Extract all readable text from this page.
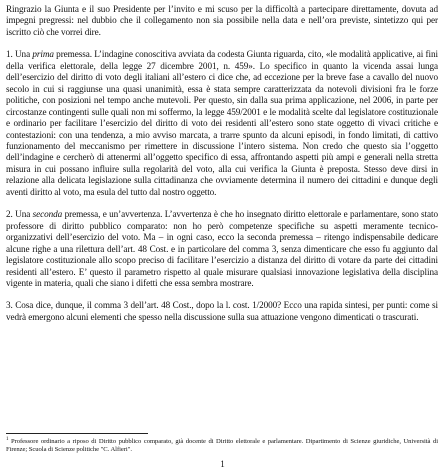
Ringrazio la Giunta e il suo Presidente per l’invito e mi scuso per la difficoltà a partecipare direttamente, dovuta ad impegni pregressi: nel dubbio che il collegamento non sia possibile nella data e nell’ora previste, sintetizzo qui per iscritto ciò che vorrei dire.

1. Una prima premessa. L’indagine conoscitiva avviata da codesta Giunta riguarda, cito, «le modalità applicative, ai fini della verifica elettorale, della legge 27 dicembre 2001, n. 459». Lo specifico in quanto la vicenda assai lunga dell’esercizio del diritto di voto degli italiani all’estero ci dice che, ad eccezione per la breve fase a cavallo del nuovo secolo in cui si raggiunse una quasi unanimità, essa è stata sempre caratterizzata da notevoli divisioni fra le forze politiche, con posizioni nel tempo anche mutevoli. Per questo, sin dalla sua prima applicazione, nel 2006, in parte per circostanze contingenti sulle quali non mi soffermo, la legge 459/2001 e le modalità scelte dal legislatore costituzionale e ordinario per facilitare l’esercizio del diritto di voto dei residenti all’estero sono state oggetto di vivaci critiche e contestazioni: con una tendenza, a mio avviso marcata, a trarre spunto da alcuni episodi, in fondo limitati, di cattivo funzionamento del meccanismo per rimettere in discussione l’intero sistema. Non credo che questo sia l’oggetto dell’indagine e cercherò di attenermi all’oggetto specifico di essa, affrontando aspetti più ampi e generali nella stretta misura in cui possano influire sulla regolarità del voto, alla cui verifica la Giunta è preposta. Stesso deve dirsi in relazione alla delicata legislazione sulla cittadinanza che ovviamente determina il numero dei cittadini e dunque degli aventi diritto al voto, ma esula del tutto dal nostro oggetto.

2. Una seconda premessa, e un’avvertenza. L’avvertenza è che ho insegnato diritto elettorale e parlamentare, sono stato professore di diritto pubblico comparato: non ho però competenze specifiche su aspetti meramente tecnico-organizzativi dell’esercizio del voto. Ma – in ogni caso, ecco la seconda premessa – ritengo indispensabile dedicare alcune righe a una rilettura dell’art. 48 Cost. e in particolare del comma 3, senza dimenticare che esso fu aggiunto dal legislatore costituzionale allo scopo preciso di facilitare l’esercizio a distanza del diritto di votare da parte dei cittadini residenti all’estero. E’ questo il parametro rispetto al quale misurare qualsiasi innovazione legislativa della disciplina vigente in materia, quali che siano i difetti che essa sembra mostrare.

3. Cosa dice, dunque, il comma 3 dell’art. 48 Cost., dopo la l. cost. 1/2000? Ecco una rapida sintesi, per punti: come si vedrà emergono alcuni elementi che spesso nella discussione sulla sua attuazione vengono dimenticati o trascurati.

$^1$ Professore ordinario a riposo di Diritto pubblico comparato, già docente di Diritto elettorale e parlamentare. Dipartimento di Scienze giuridiche, Università di Firenze; Scuola di Scienze politiche "C. Alfieri".

1
